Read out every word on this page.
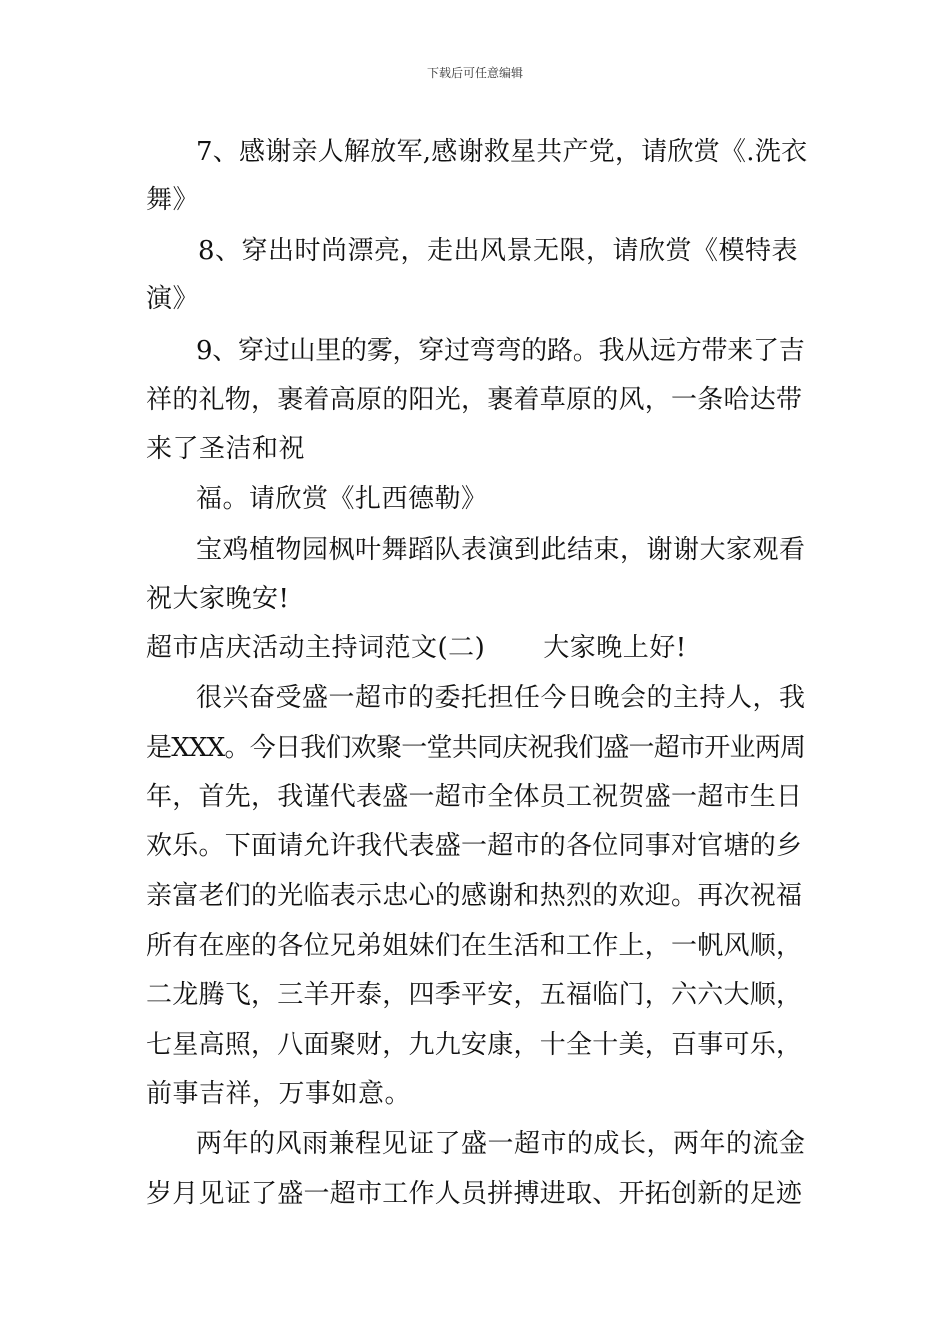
下载后可任意编辑
7、感谢亲人解放军,感谢救星共产党，请欣赏《.洗衣
舞》
8、穿出时尚漂亮，走出风景无限，请欣赏《模特表
演》
9、穿过山里的雾，穿过弯弯的路。我从远方带来了吉
祥的礼物，裹着高原的阳光，裹着草原的风，一条哈达带
来了圣洁和祝
福。请欣赏《扎西德勒》
宝鸡植物园枫叶舞蹈队表演到此结束，谢谢大家观看
祝大家晚安!
超市店庆活动主持词范文(二) 大家晚上好!
很兴奋受盛一超市的委托担任今日晚会的主持人，我
是XXX。今日我们欢聚一堂共同庆祝我们盛一超市开业两周
年，首先，我谨代表盛一超市全体员工祝贺盛一超市生日
欢乐。下面请允许我代表盛一超市的各位同事对官塘的乡
亲富老们的光临表示忠心的感谢和热烈的欢迎。再次祝福
所有在座的各位兄弟姐妹们在生活和工作上，一帆风顺，
二龙腾飞，三羊开泰，四季平安，五福临门，六六大顺，
七星高照，八面聚财，九九安康，十全十美，百事可乐，
前事吉祥，万事如意。
两年的风雨兼程见证了盛一超市的成长，两年的流金
岁月见证了盛一超市工作人员拼搏进取、开拓创新的足迹
